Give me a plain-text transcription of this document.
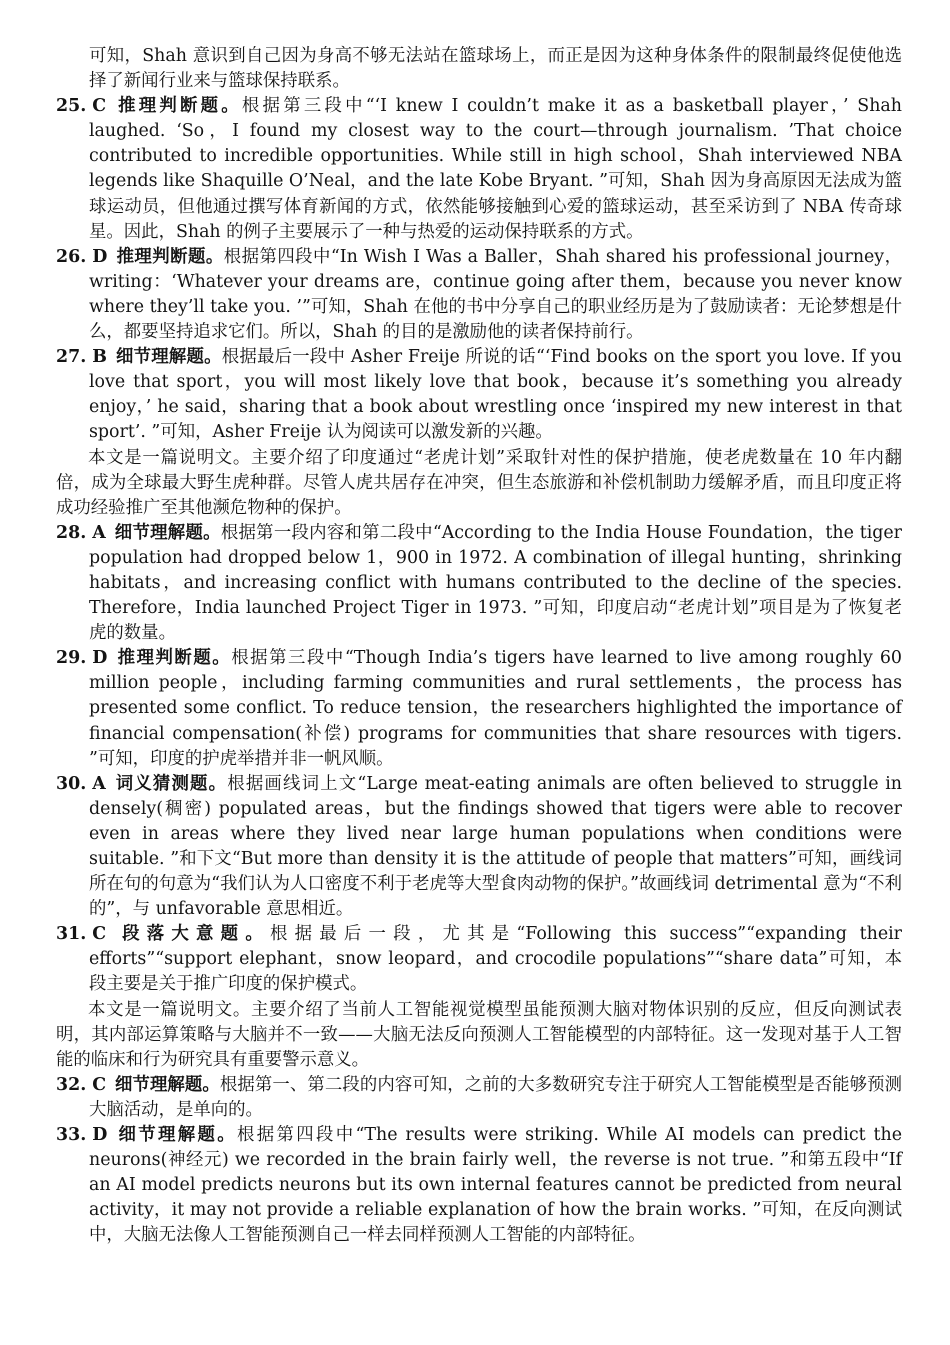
可知，Shah 意识到自己因为身高不够无法站在篮球场上，而正是因为这种身体条件的限制最终促使他选择了新闻行业来与篮球保持联系。

25. C 推理判断题。根据第三段中“‘I knew I couldn’t make it as a basketball player，’ Shah laughed. ‘So，I found my closest way to the court—through journalism. ’That choice contributed to incredible opportunities. While still in high school，Shah interviewed NBA legends like Shaquille O’Neal，and the late Kobe Bryant. ”可知，Shah 因为身高原因无法成为篮球运动员，但他通过撰写体育新闻的方式，依然能够接触到心爱的篮球运动，甚至采访到了 NBA 传奇球星。因此，Shah 的例子主要展示了一种与热爱的运动保持联系的方式。

26. D 推理判断题。根据第四段中“In Wish I Was a Baller，Shah shared his professional journey，writing：‘Whatever your dreams are，continue going after them，because you never know where they’ll take you. ’”可知，Shah 在他的书中分享自己的职业经历是为了鼓励读者：无论梦想是什么，都要坚持追求它们。所以，Shah 的目的是激励他的读者保持前行。

27. B 细节理解题。根据最后一段中 Asher Freije 所说的话“‘Find books on the sport you love. If you love that sport，you will most likely love that book，because it’s something you already enjoy，’ he said，sharing that a book about wrestling once ‘inspired my new interest in that sport’. ”可知，Asher Freije 认为阅读可以激发新的兴趣。

本文是一篇说明文。主要介绍了印度通过“老虎计划”采取针对性的保护措施，使老虎数量在 10 年内翻倍，成为全球最大野生虎种群。尽管人虎共居存在冲突，但生态旅游和补偿机制助力缓解矛盾，而且印度正将成功经验推广至其他濒危物种的保护。

28. A 细节理解题。根据第一段内容和第二段中“According to the India House Foundation，the tiger population had dropped below 1，900 in 1972. A combination of illegal hunting，shrinking habitats，and increasing conflict with humans contributed to the decline of the species. Therefore，India launched Project Tiger in 1973. ”可知，印度启动“老虎计划”项目是为了恢复老虎的数量。

29. D 推理判断题。根据第三段中“Though India’s tigers have learned to live among roughly 60 million people，including farming communities and rural settlements，the process has presented some conflict. To reduce tension，the researchers highlighted the importance of financial compensation(补偿) programs for communities that share resources with tigers. ”可知，印度的护虎举措并非一帆风顺。

30. A 词义猜测题。根据画线词上文“Large meat-eating animals are often believed to struggle in densely(稠密) populated areas，but the findings showed that tigers were able to recover even in areas where they lived near large human populations when conditions were suitable. ”和下文“But more than density it is the attitude of people that matters”可知，画线词所在句的句意为“我们认为人口密度不利于老虎等大型食肉动物的保护。”故画线词 detrimental 意为“不利的”，与 unfavorable 意思相近。

31. C 段落大意题。根据最后一段，尤其是“Following this success”“expanding their efforts”“support elephant，snow leopard，and crocodile populations”“share data”可知，本段主要是关于推广印度的保护模式。

本文是一篇说明文。主要介绍了当前人工智能视觉模型虽能预测大脑对物体识别的反应，但反向测试表明，其内部运算策略与大脑并不一致——大脑无法反向预测人工智能模型的内部特征。这一发现对基于人工智能的临床和行为研究具有重要警示意义。

32. C 细节理解题。根据第一、第二段的内容可知，之前的大多数研究专注于研究人工智能模型是否能够预测大脑活动，是单向的。

33. D 细节理解题。根据第四段中“The results were striking. While AI models can predict the neurons(神经元) we recorded in the brain fairly well，the reverse is not true. ”和第五段中“If an AI model predicts neurons but its own internal features cannot be predicted from neural activity，it may not provide a reliable explanation of how the brain works. ”可知，在反向测试中，大脑无法像人工智能预测自己一样去同样预测人工智能的内部特征。
